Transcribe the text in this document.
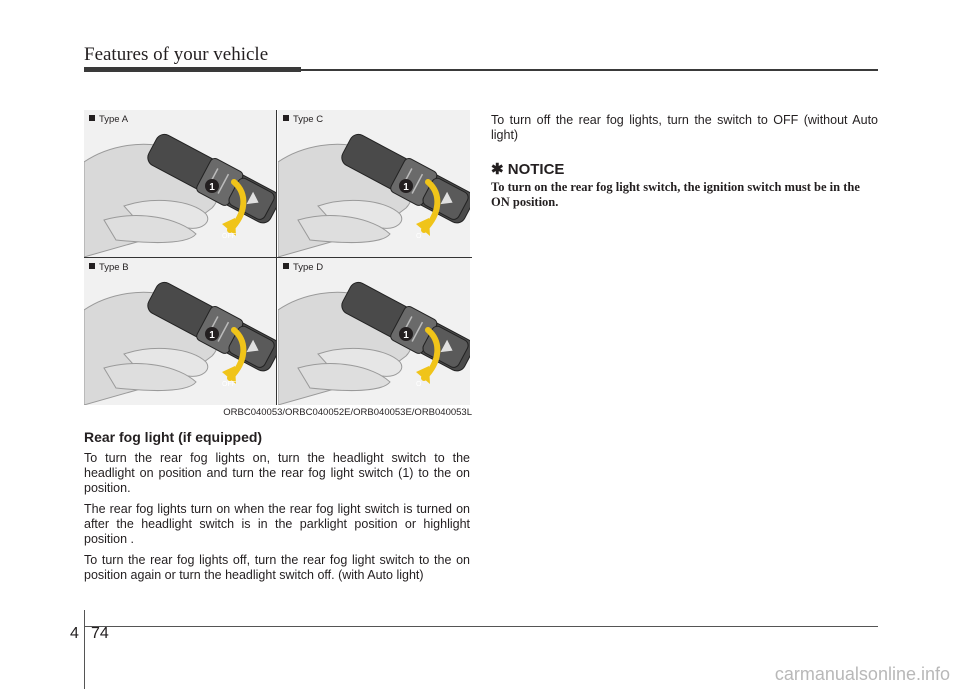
Features of your vehicle
1
OFF
Type A
1
O
Type C
1
OFF
Type B
1
O
Type D
ORBC040053/ORBC040052E/ORB040053E/ORB040053L
Rear fog light (if equipped)

To turn the rear fog lights on, turn the headlight switch to the headlight on position and turn the rear fog light switch (1) to the on position.

The rear fog lights turn on when the rear fog light switch is turned on after the headlight switch is in the parklight position or highlight position .

To turn the rear fog lights off, turn the rear fog light switch to the on position again or turn the headlight switch off. (with Auto light)

To turn off the rear fog lights, turn the switch to OFF (without Auto light)

✱ NOTICE
To turn on the rear fog light switch, the ignition switch must be in the ON position.
4 74
carmanualsonline.info
